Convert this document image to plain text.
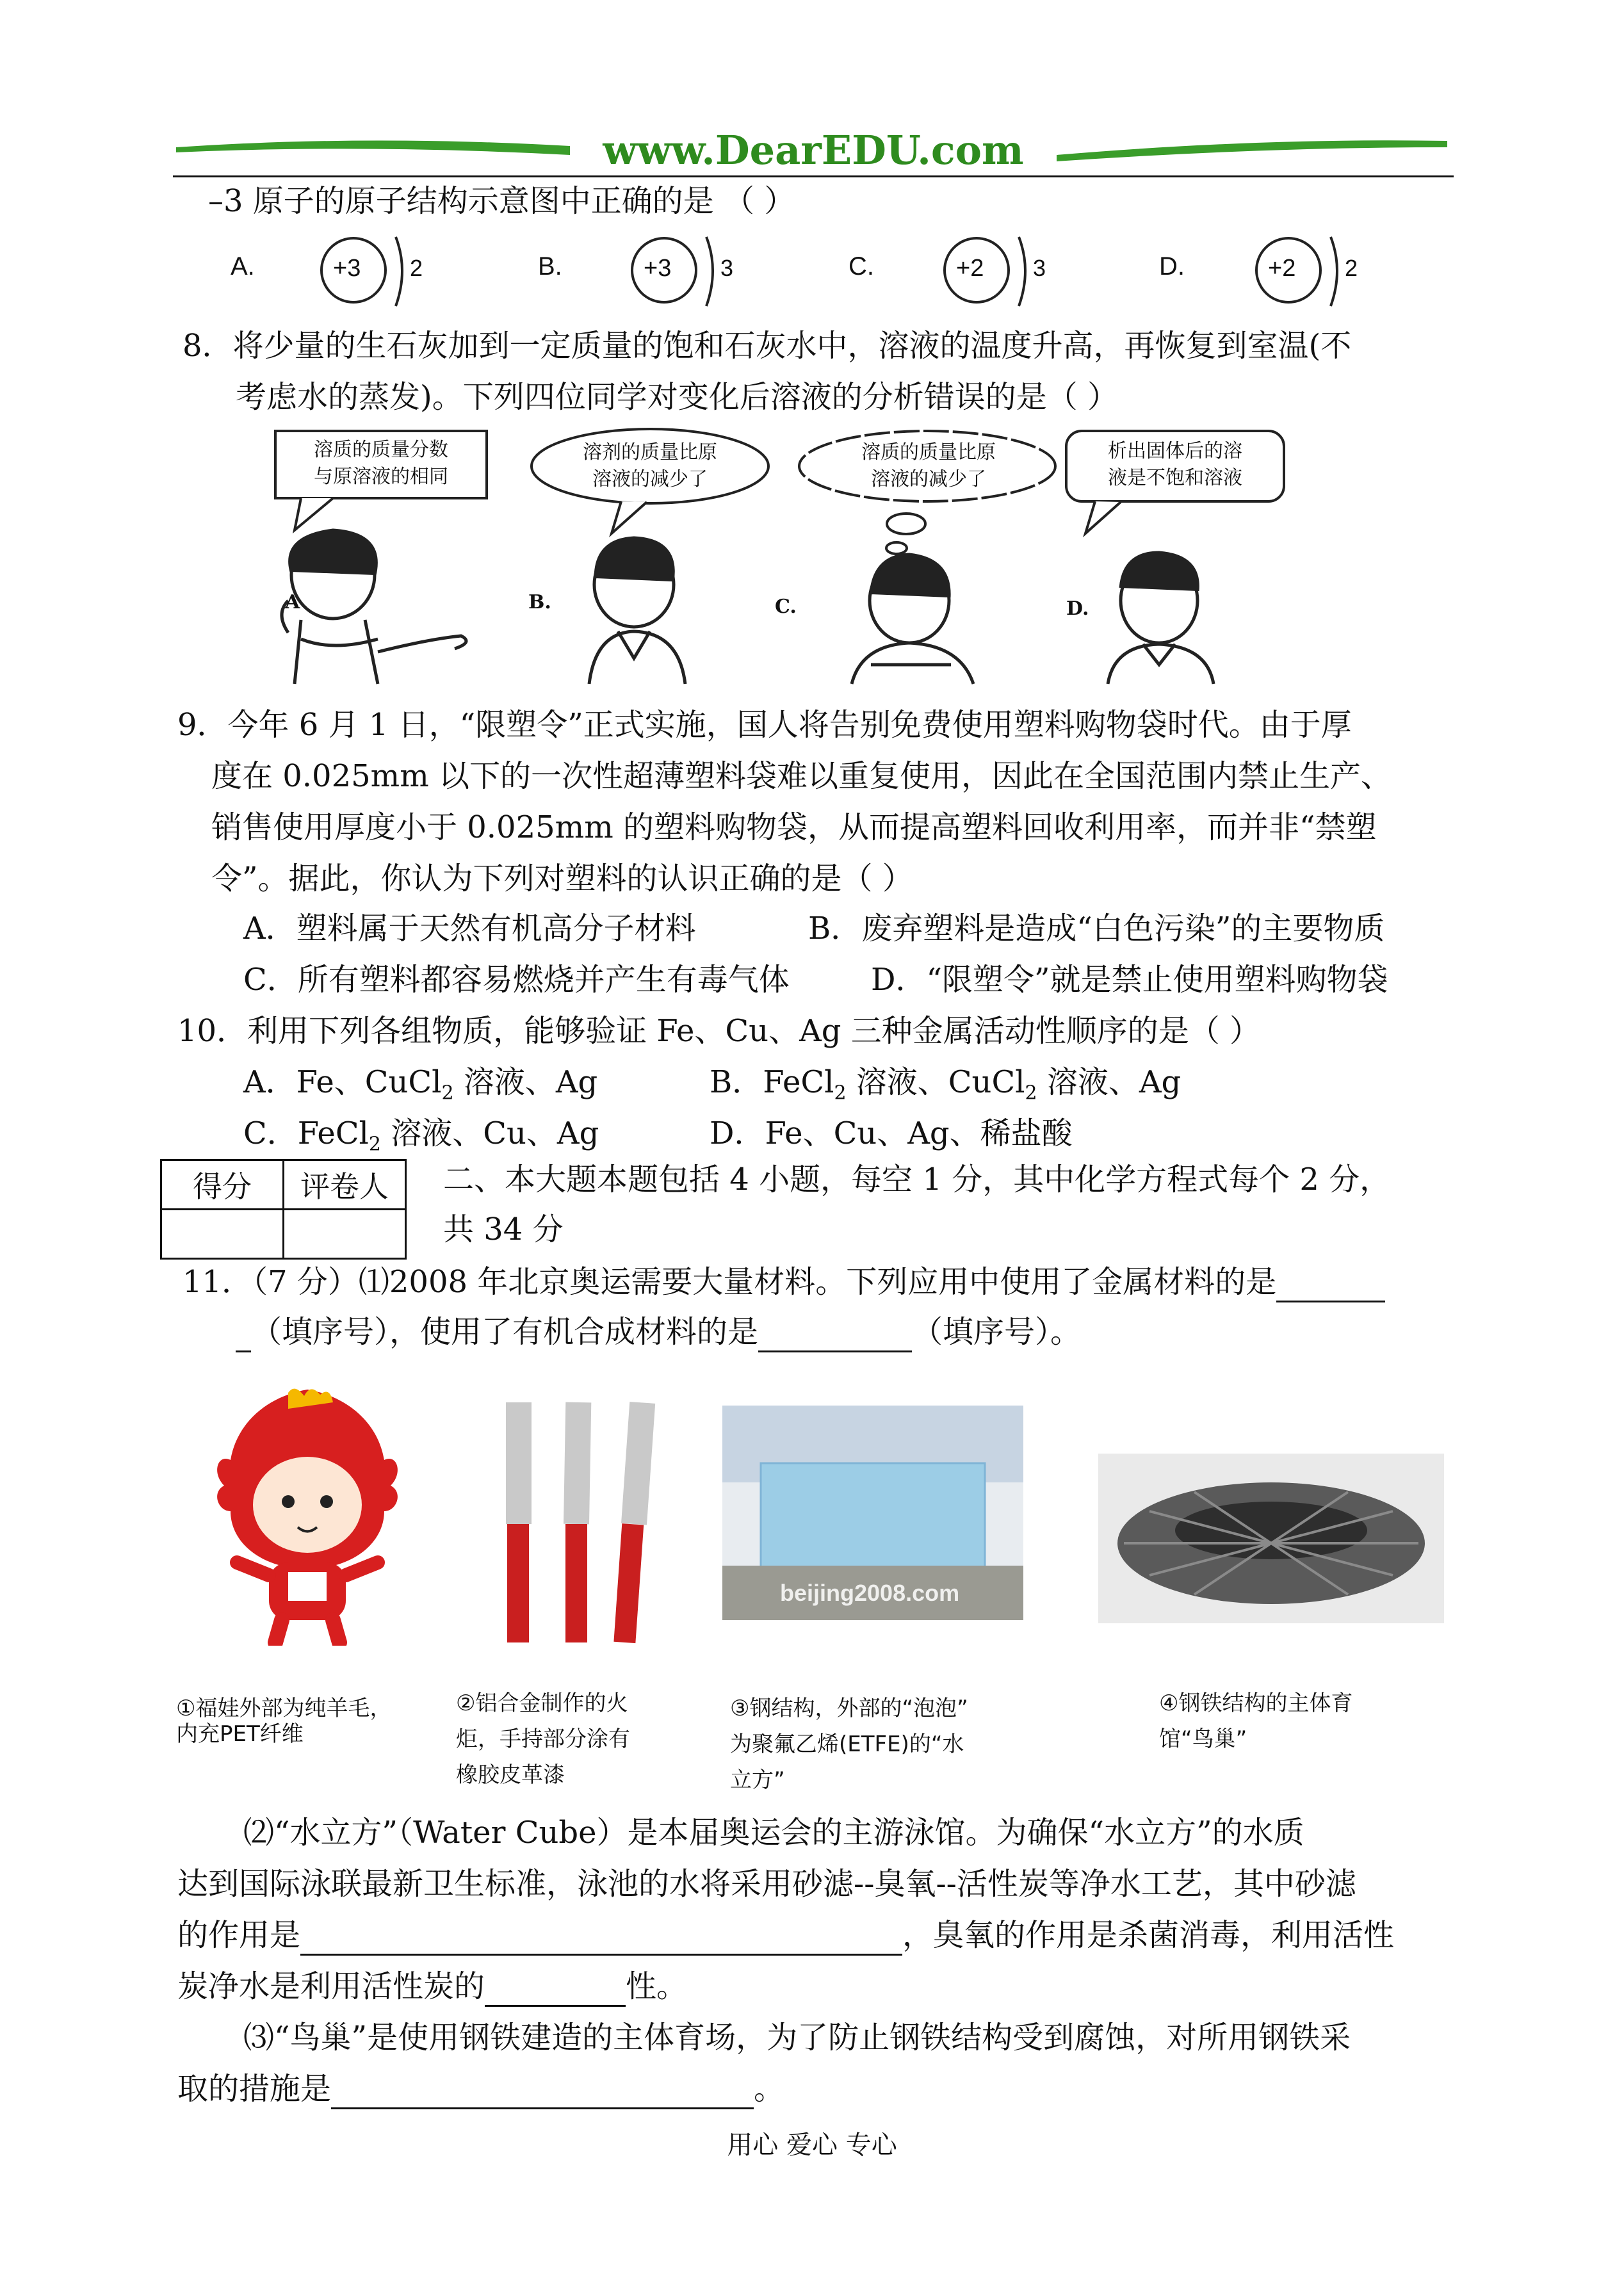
www.DearEDU.com
–3 原子的原子结构示意图中正确的是 （ ）
A.	+3 2	B.	+3 3	C.	+2 3	D.	+2 2
8．将少量的生石灰加到一定质量的饱和石灰水中，溶液的温度升高，再恢复到室温(不
考虑水的蒸发)。下列四位同学对变化后溶液的分析错误的是（ ）
溶质的质量分数
与原溶液的相同
溶剂的质量比原
溶液的减少了
溶质的质量比原
溶液的减少了
析出固体后的溶
液是不饱和溶液
A	B.	C.	D.
9．今年 6 月 1 日，“限塑令”正式实施，国人将告别免费使用塑料购物袋时代。由于厚
度在 0.025mm 以下的一次性超薄塑料袋难以重复使用，因此在全国范围内禁止生产、
销售使用厚度小于 0.025mm 的塑料购物袋，从而提高塑料回收利用率，而并非“禁塑
令”。据此，你认为下列对塑料的认识正确的是（ ）
A．塑料属于天然有机高分子材料	B．废弃塑料是造成“白色污染”的主要物质
C．所有塑料都容易燃烧并产生有毒气体	D．“限塑令”就是禁止使用塑料购物袋
10．利用下列各组物质，能够验证 Fe、Cu、Ag 三种金属活动性顺序的是（ ）
A．Fe、CuCl$_2$ 溶液、Ag	B．FeCl$_2$ 溶液、CuCl$_2$ 溶液、Ag
C．FeCl$_2$ 溶液、Cu、Ag	D．Fe、Cu、Ag、稀盐酸
得分	评卷人
	二、本大题本题包括 4 小题，每空 1 分，其中化学方程式每个 2 分，
共 34 分
11．（7 分）⑴2008 年北京奥运需要大量材料。下列应用中使用了金属材料的是
（填序号），使用了有机合成材料的是	（填序号）。
beijing2008.com
①福娃外部为纯羊毛，
内充PET纤维
②铝合金制作的火
炬，手持部分涂有
橡胶皮革漆
③钢结构，外部的“泡泡”
为聚氟乙烯(ETFE)的“水
立方”
④钢铁结构的主体育
馆“鸟巢”
⑵“水立方”（Water Cube）是本届奥运会的主游泳馆。为确保“水立方”的水质
达到国际泳联最新卫生标准，泳池的水将采用砂滤--臭氧--活性炭等净水工艺，其中砂滤
的作用是	，臭氧的作用是杀菌消毒，利用活性
炭净水是利用活性炭的	性。
⑶“鸟巢”是使用钢铁建造的主体育场，为了防止钢铁结构受到腐蚀，对所用钢铁采
取的措施是	。
用心 爱心 专心
